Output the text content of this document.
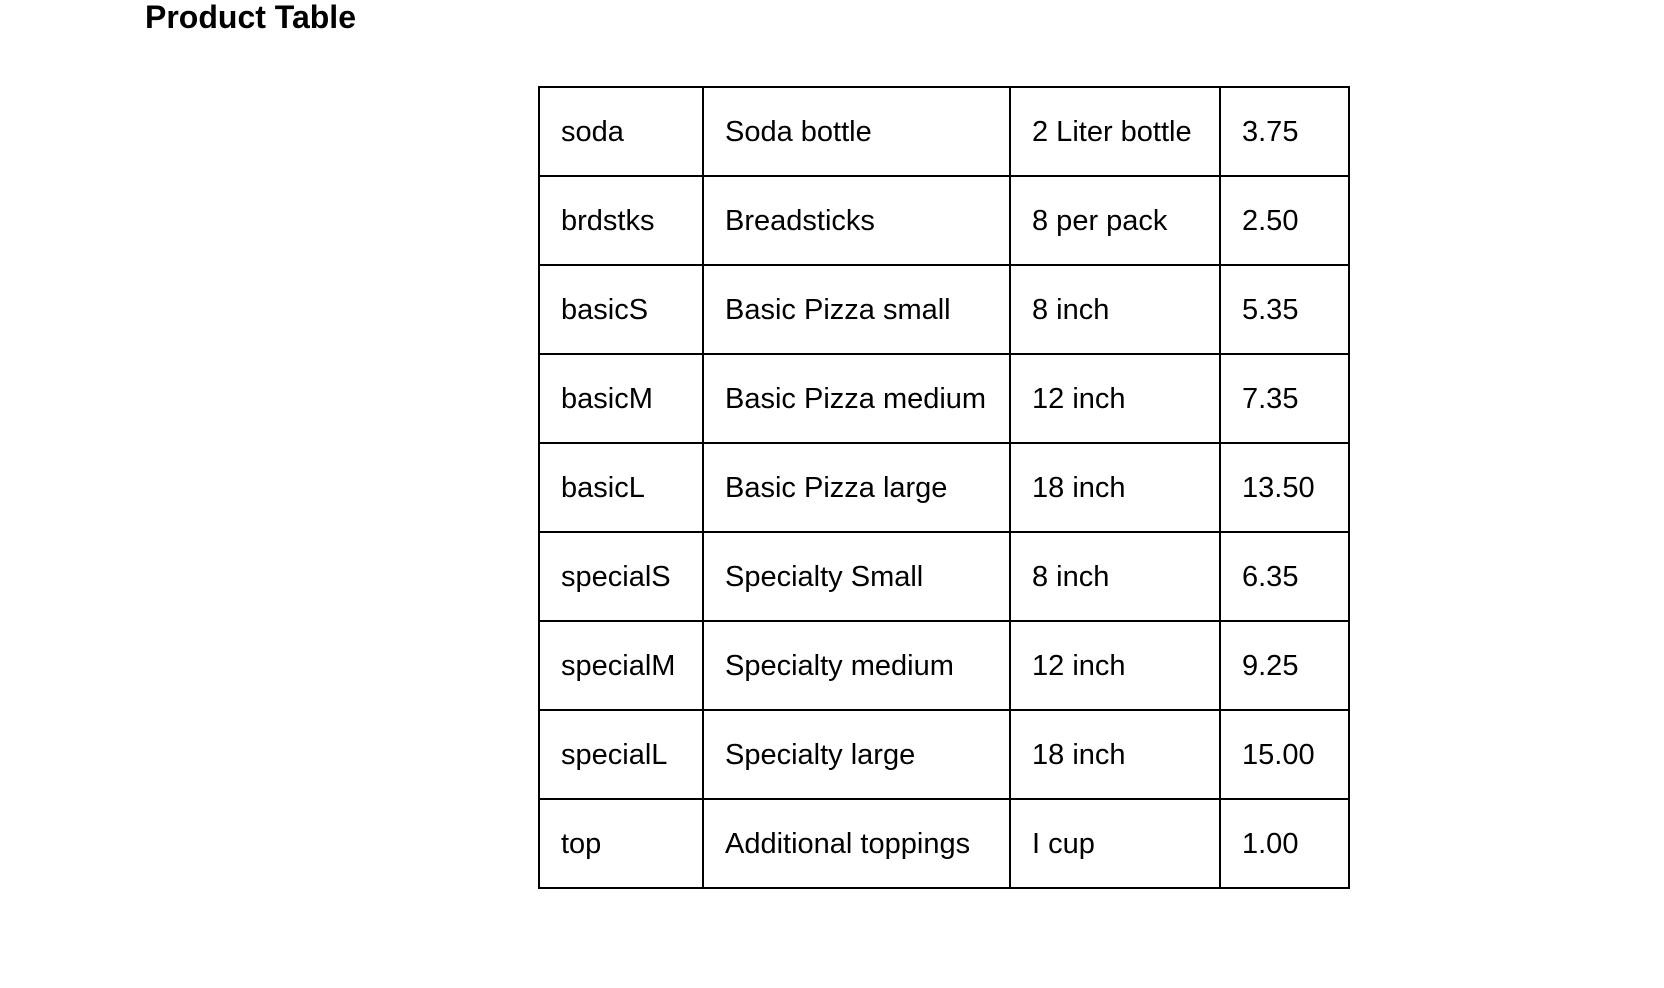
Product Table
soda	Soda bottle	2 Liter bottle	3.75
brdstks	Breadsticks	8 per pack	2.50
basicS	Basic Pizza small	8 inch	5.35
basicM	Basic Pizza medium	12 inch	7.35
basicL	Basic Pizza large	18 inch	13.50
specialS	Specialty Small	8 inch	6.35
specialM	Specialty medium	12 inch	9.25
specialL	Specialty large	18 inch	15.00
top	Additional toppings	I cup	1.00
